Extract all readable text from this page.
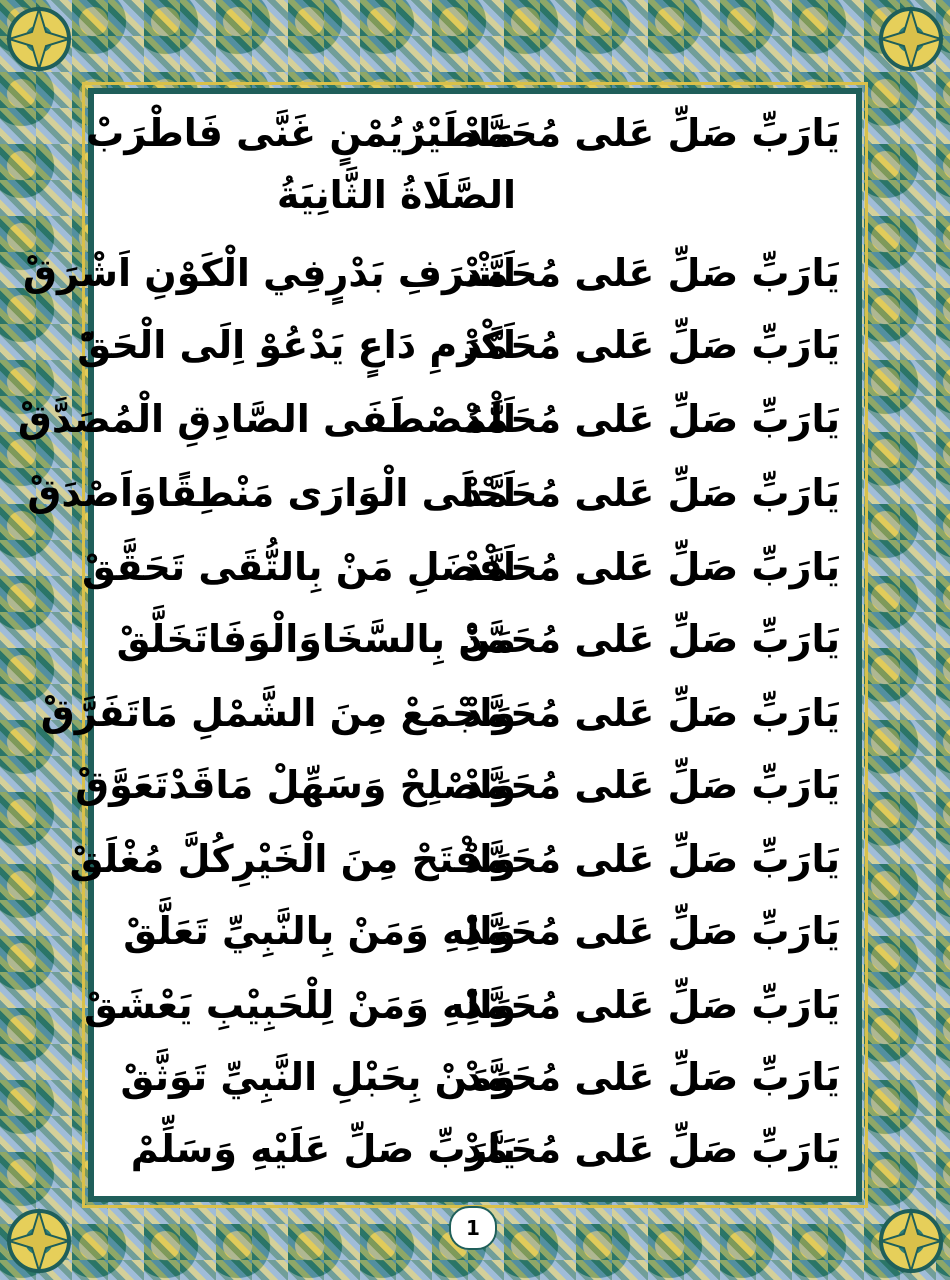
يَارَبِّ صَلِّ عَلى مُحَمَّدْ
مَاطَيْرٌيُمْنٍ غَنَّى فَاطْرَبْ
الصَّلَاةُ الثَّانِيَةُ
يَارَبِّ صَلِّ عَلى مُحَمَّدْ
اَشْرَفِ بَدْرٍفِي الْكَوْنِ اَشْرَقْ
يَارَبِّ صَلِّ عَلى مُحَمَّدْ
اَكْرَمِ دَاعٍ يَدْعُوْ اِلَى الْحَقّْ
يَارَبِّ صَلِّ عَلى مُحَمَّدْ
اَلْمُصْطَفَى الصَّادِقِ الْمُصَدَّقْ
يَارَبِّ صَلِّ عَلى مُحَمَّدْ
اَحْلَى الْوَارَى مَنْطِقًاوَاَصْدَقْ
يَارَبِّ صَلِّ عَلى مُحَمَّدْ
اَفْضَلِ مَنْ بِالتُّقَى تَحَقَّقْ
يَارَبِّ صَلِّ عَلى مُحَمَّدْ
مَنْ بِالسَّخَاوَالْوَفَاتَخَلَّقْ
يَارَبِّ صَلِّ عَلى مُحَمَّدْ
وَاجْمَعْ مِنَ الشَّمْلِ مَاتَفَرَّقْ
يَارَبِّ صَلِّ عَلى مُحَمَّدْ
وَاصْلِحْ وَسَهِّلْ مَاقَدْتَعَوَّقْ
يَارَبِّ صَلِّ عَلى مُحَمَّدْ
وَافْتَحْ مِنَ الْخَيْرِكُلَّ مُغْلَقْ
يَارَبِّ صَلِّ عَلى مُحَمَّدْ
وَالِهِ وَمَنْ بِالنَّبِيِّ تَعَلَّقْ
يَارَبِّ صَلِّ عَلى مُحَمَّدْ
وَالِهِ وَمَنْ لِلْحَبِيْبِ يَعْشَقْ
يَارَبِّ صَلِّ عَلى مُحَمَّدْ
وَمَنْ بِحَبْلِ النَّبِيِّ تَوَثَّقْ
يَارَبِّ صَلِّ عَلى مُحَمَّدْ
يَارَبِّ صَلِّ عَلَيْهِ وَسَلِّمْ
1
